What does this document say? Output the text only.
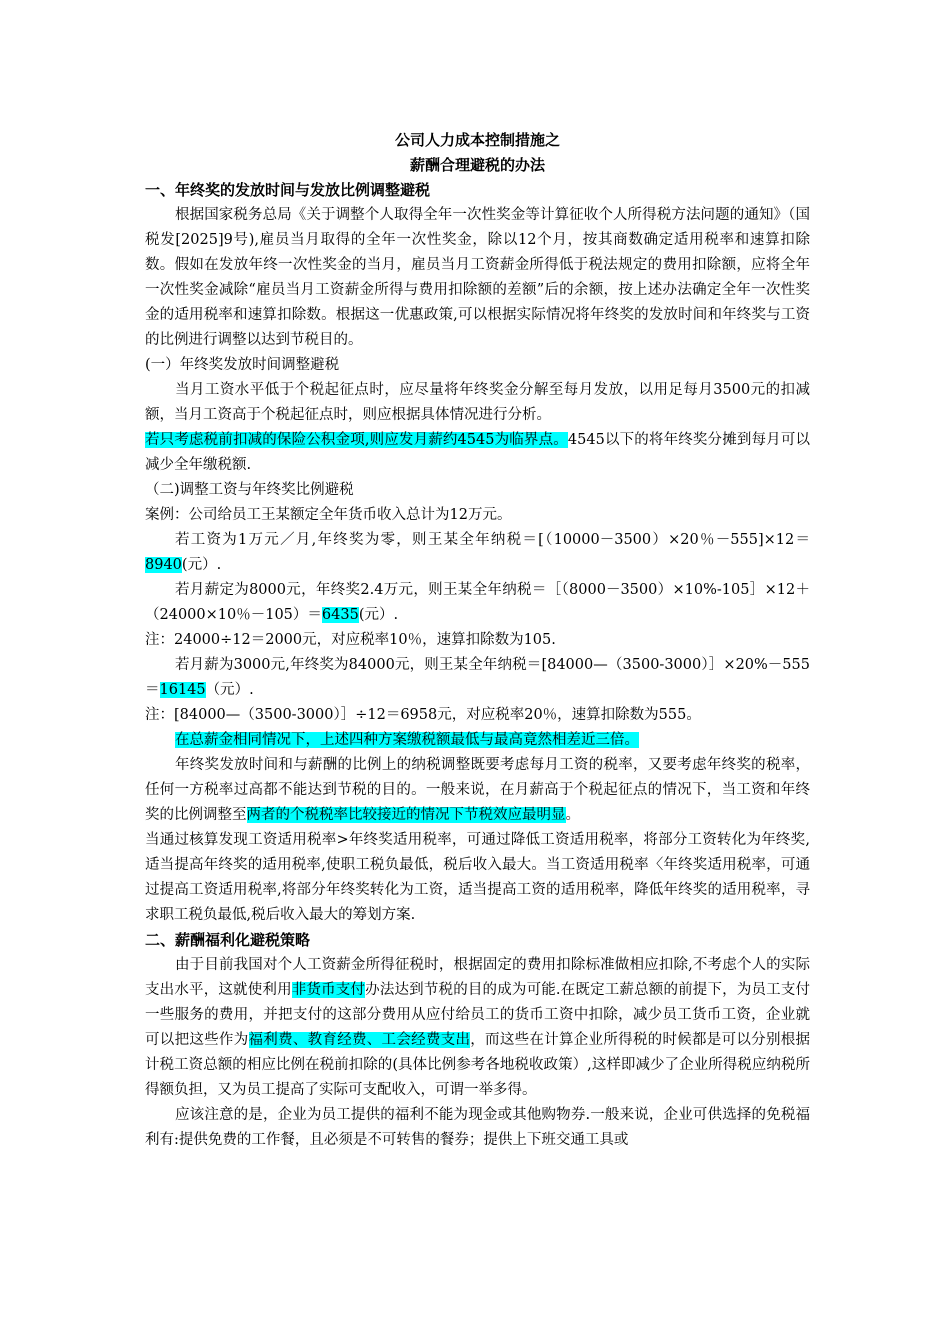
公司人力成本控制措施之
薪酬合理避税的办法
一、年终奖的发放时间与发放比例调整避税

根据国家税务总局《关于调整个人取得全年一次性奖金等计算征收个人所得税方法问题的通知》（国税发[2025]9号),雇员当月取得的全年一次性奖金，除以12个月，按其商数确定适用税率和速算扣除数。假如在发放年终一次性奖金的当月，雇员当月工资薪金所得低于税法规定的费用扣除额，应将全年一次性奖金减除“雇员当月工资薪金所得与费用扣除额的差额”后的余额，按上述办法确定全年一次性奖金的适用税率和速算扣除数。根据这一优惠政策,可以根据实际情况将年终奖的发放时间和年终奖与工资的比例进行调整以达到节税目的。

(一）年终奖发放时间调整避税

当月工资水平低于个税起征点时，应尽量将年终奖金分解至每月发放，以用足每月3500元的扣减额，当月工资高于个税起征点时，则应根据具体情况进行分析。

若只考虑税前扣减的保险公积金项,则应发月薪约4545为临界点。4545以下的将年终奖分摊到每月可以减少全年缴税额.

（二)调整工资与年终奖比例避税

案例：公司给员工王某额定全年货币收入总计为12万元。

若工资为1万元／月,年终奖为零，则王某全年纳税＝[（10000－3500）×20％－555]×12＝8940(元）.

若月薪定为8000元，年终奖2.4万元，则王某全年纳税＝［（8000－3500）×10%-105］×12＋（24000×10％－105）＝6435(元）.

注：24000÷12＝2000元，对应税率10％，速算扣除数为105.

若月薪为3000元,年终奖为84000元，则王某全年纳税＝[84000—（3500-3000）］×20%－555＝16145（元）.

注：[84000—（3500-3000）］÷12＝6958元，对应税率20％，速算扣除数为555。

在总薪金相同情况下，上述四种方案缴税额最低与最高竟然相差近三倍。

年终奖发放时间和与薪酬的比例上的纳税调整既要考虑每月工资的税率，又要考虑年终奖的税率，任何一方税率过高都不能达到节税的目的。一般来说，在月薪高于个税起征点的情况下，当工资和年终奖的比例调整至两者的个税税率比较接近的情况下节税效应最明显。

当通过核算发现工资适用税率>年终奖适用税率，可通过降低工资适用税率，将部分工资转化为年终奖,适当提高年终奖的适用税率,使职工税负最低，税后收入最大。当工资适用税率〈年终奖适用税率，可通过提高工资适用税率,将部分年终奖转化为工资，适当提高工资的适用税率，降低年终奖的适用税率，寻求职工税负最低,税后收入最大的筹划方案.

二、薪酬福利化避税策略

由于目前我国对个人工资薪金所得征税时，根据固定的费用扣除标准做相应扣除,不考虑个人的实际支出水平，这就使利用非货币支付办法达到节税的目的成为可能.在既定工薪总额的前提下，为员工支付一些服务的费用，并把支付的这部分费用从应付给员工的货币工资中扣除，减少员工货币工资，企业就可以把这些作为福利费、教育经费、工会经费支出，而这些在计算企业所得税的时候都是可以分别根据计税工资总额的相应比例在税前扣除的(具体比例参考各地税收政策）,这样即减少了企业所得税应纳税所得额负担，又为员工提高了实际可支配收入，可谓一举多得。

应该注意的是，企业为员工提供的福利不能为现金或其他购物券.一般来说，企业可供选择的免税福利有:提供免费的工作餐，且必须是不可转售的餐券；提供上下班交通工具或
